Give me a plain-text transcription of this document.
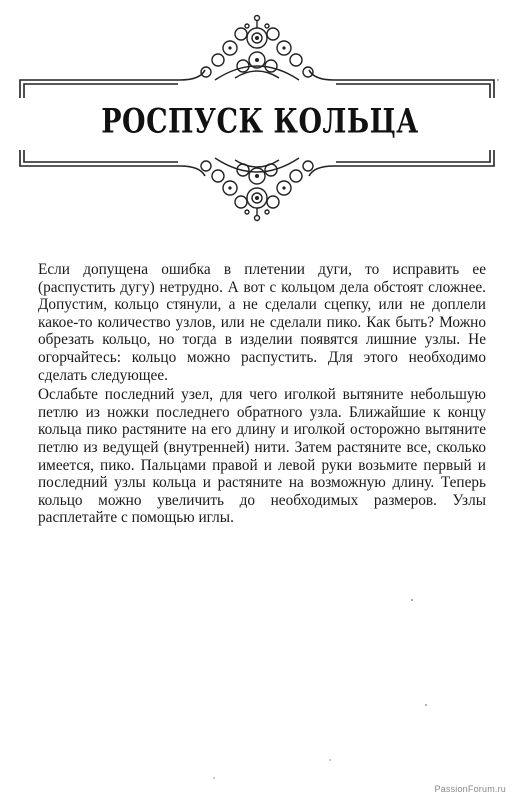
РОСПУСК КОЛЬЦА

Если допущена ошибка в плетении дуги, то исправить ее (распустить дугу) нетрудно. А вот с кольцом дела обстоят сложнее. Допустим, кольцо стянули, а не сделали сцепку, или не доплели какое-то количество узлов, или не сделали пико. Как быть? Можно обрезать кольцо, но тогда в изделии появятся лишние узлы. Не огорчайтесь: кольцо можно распустить. Для этого необходимо сделать следующее.

Ослабьте последний узел, для чего иголкой вытяните небольшую петлю из ножки последнего обратного узла. Ближайшие к концу кольца пико растяните на его длину и иголкой осторожно вытяните петлю из ведущей (внутренней) нити. Затем растяните все, сколько имеется, пико. Пальцами правой и левой руки возьмите первый и последний узлы кольца и растяните на возможную длину. Теперь кольцо можно увеличить до необходимых размеров. Узлы расплетайте с помощью иглы.

PassionForum.ru
